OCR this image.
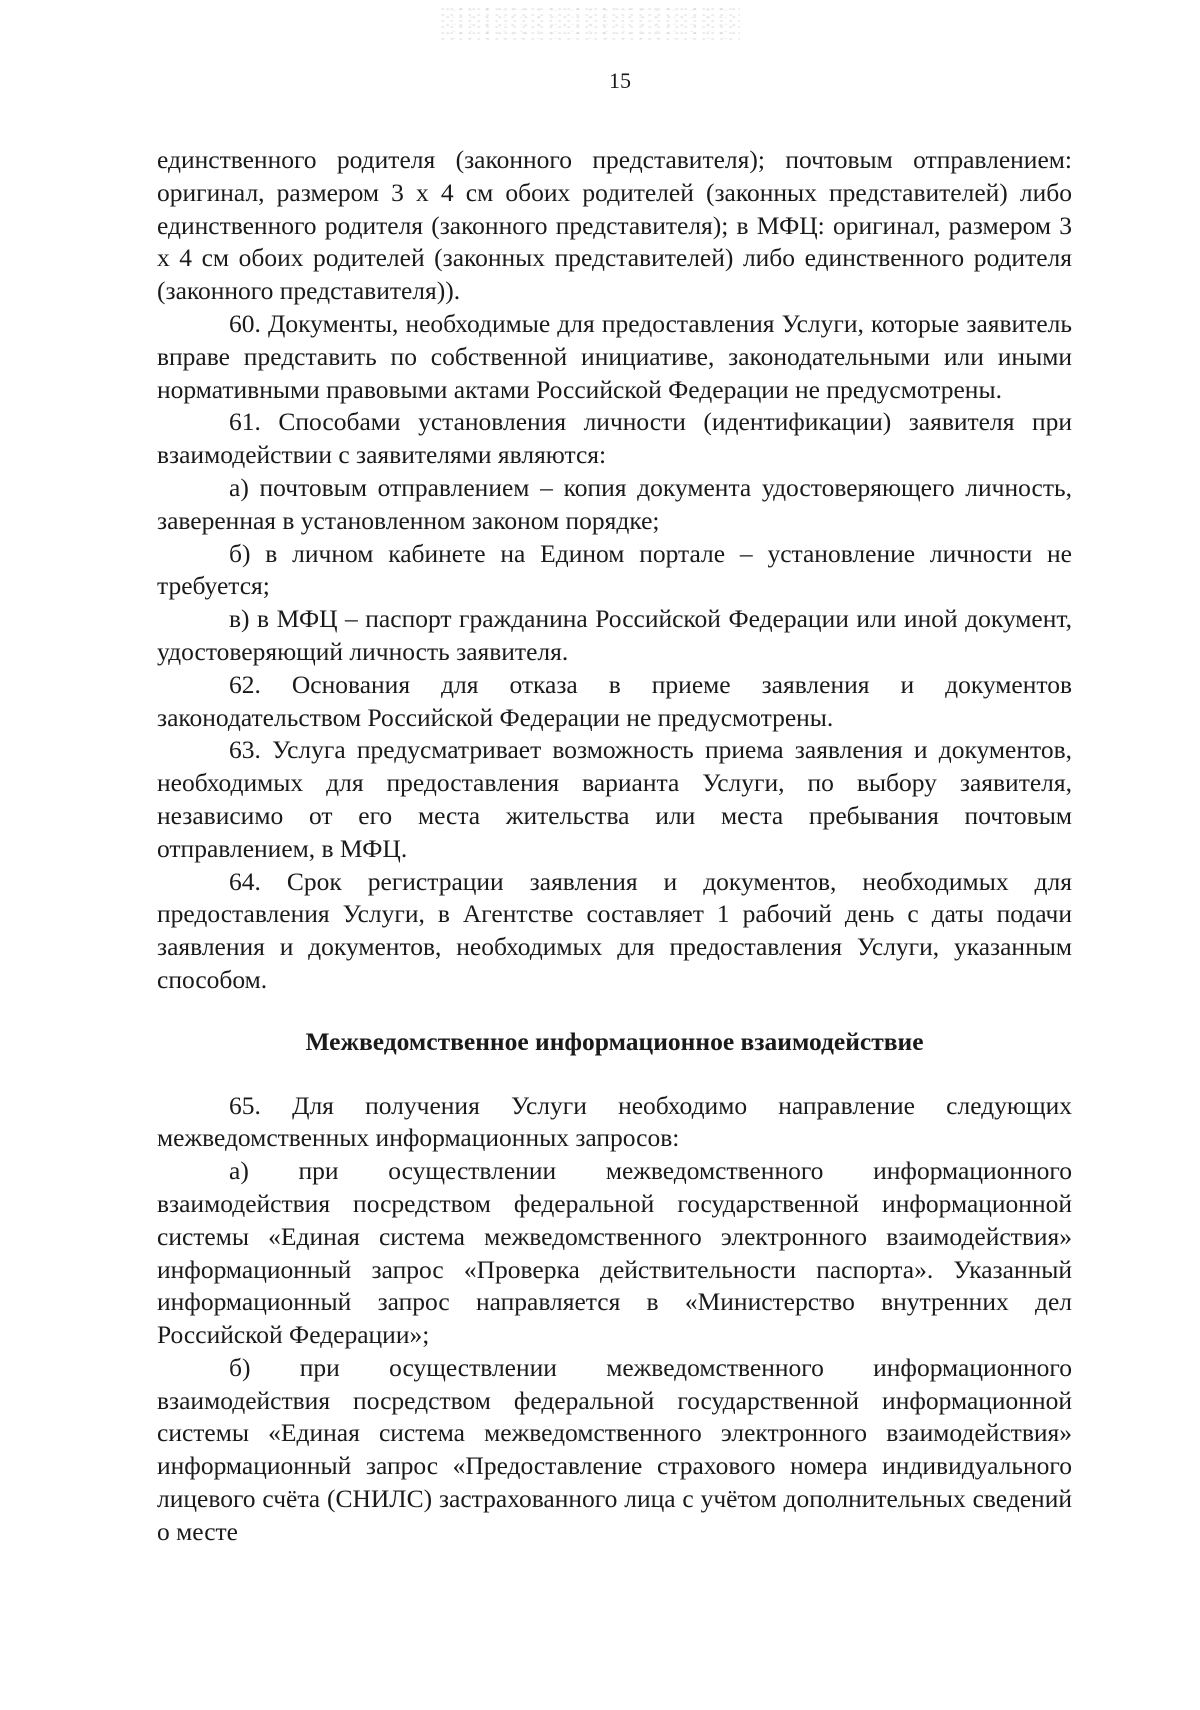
15

единственного родителя (законного представителя); почтовым отправлением: оригинал, размером 3 x 4 см обоих родителей (законных представителей) либо единственного родителя (законного представителя); в МФЦ: оригинал, размером 3 x 4 см обоих родителей (законных представителей) либо единственного родителя (законного представителя)).

60. Документы, необходимые для предоставления Услуги, которые заявитель вправе представить по собственной инициативе, законодательными или иными нормативными правовыми актами Российской Федерации не предусмотрены.

61. Способами установления личности (идентификации) заявителя при взаимодействии с заявителями являются:

а) почтовым отправлением – копия документа удостоверяющего личность, заверенная в установленном законом порядке;

б) в личном кабинете на Едином портале – установление личности не требуется;

в) в МФЦ – паспорт гражданина Российской Федерации или иной документ, удостоверяющий личность заявителя.

62. Основания для отказа в приеме заявления и документов законодательством Российской Федерации не предусмотрены.

63. Услуга предусматривает возможность приема заявления и документов, необходимых для предоставления варианта Услуги, по выбору заявителя, независимо от его места жительства или места пребывания почтовым отправлением, в МФЦ.

64. Срок регистрации заявления и документов, необходимых для предоставления Услуги, в Агентстве составляет 1 рабочий день с даты подачи заявления и документов, необходимых для предоставления Услуги, указанным способом.

Межведомственное информационное взаимодействие

65. Для получения Услуги необходимо направление следующих межведомственных информационных запросов:

а) при осуществлении межведомственного информационного взаимодействия посредством федеральной государственной информационной системы «Единая система межведомственного электронного взаимодействия» информационный запрос «Проверка действительности паспорта». Указанный информационный запрос направляется в «Министерство внутренних дел Российской Федерации»;

б) при осуществлении межведомственного информационного взаимодействия посредством федеральной государственной информационной системы «Единая система межведомственного электронного взаимодействия» информационный запрос «Предоставление страхового номера индивидуального лицевого счёта (СНИЛС) застрахованного лица с учётом дополнительных сведений о месте
